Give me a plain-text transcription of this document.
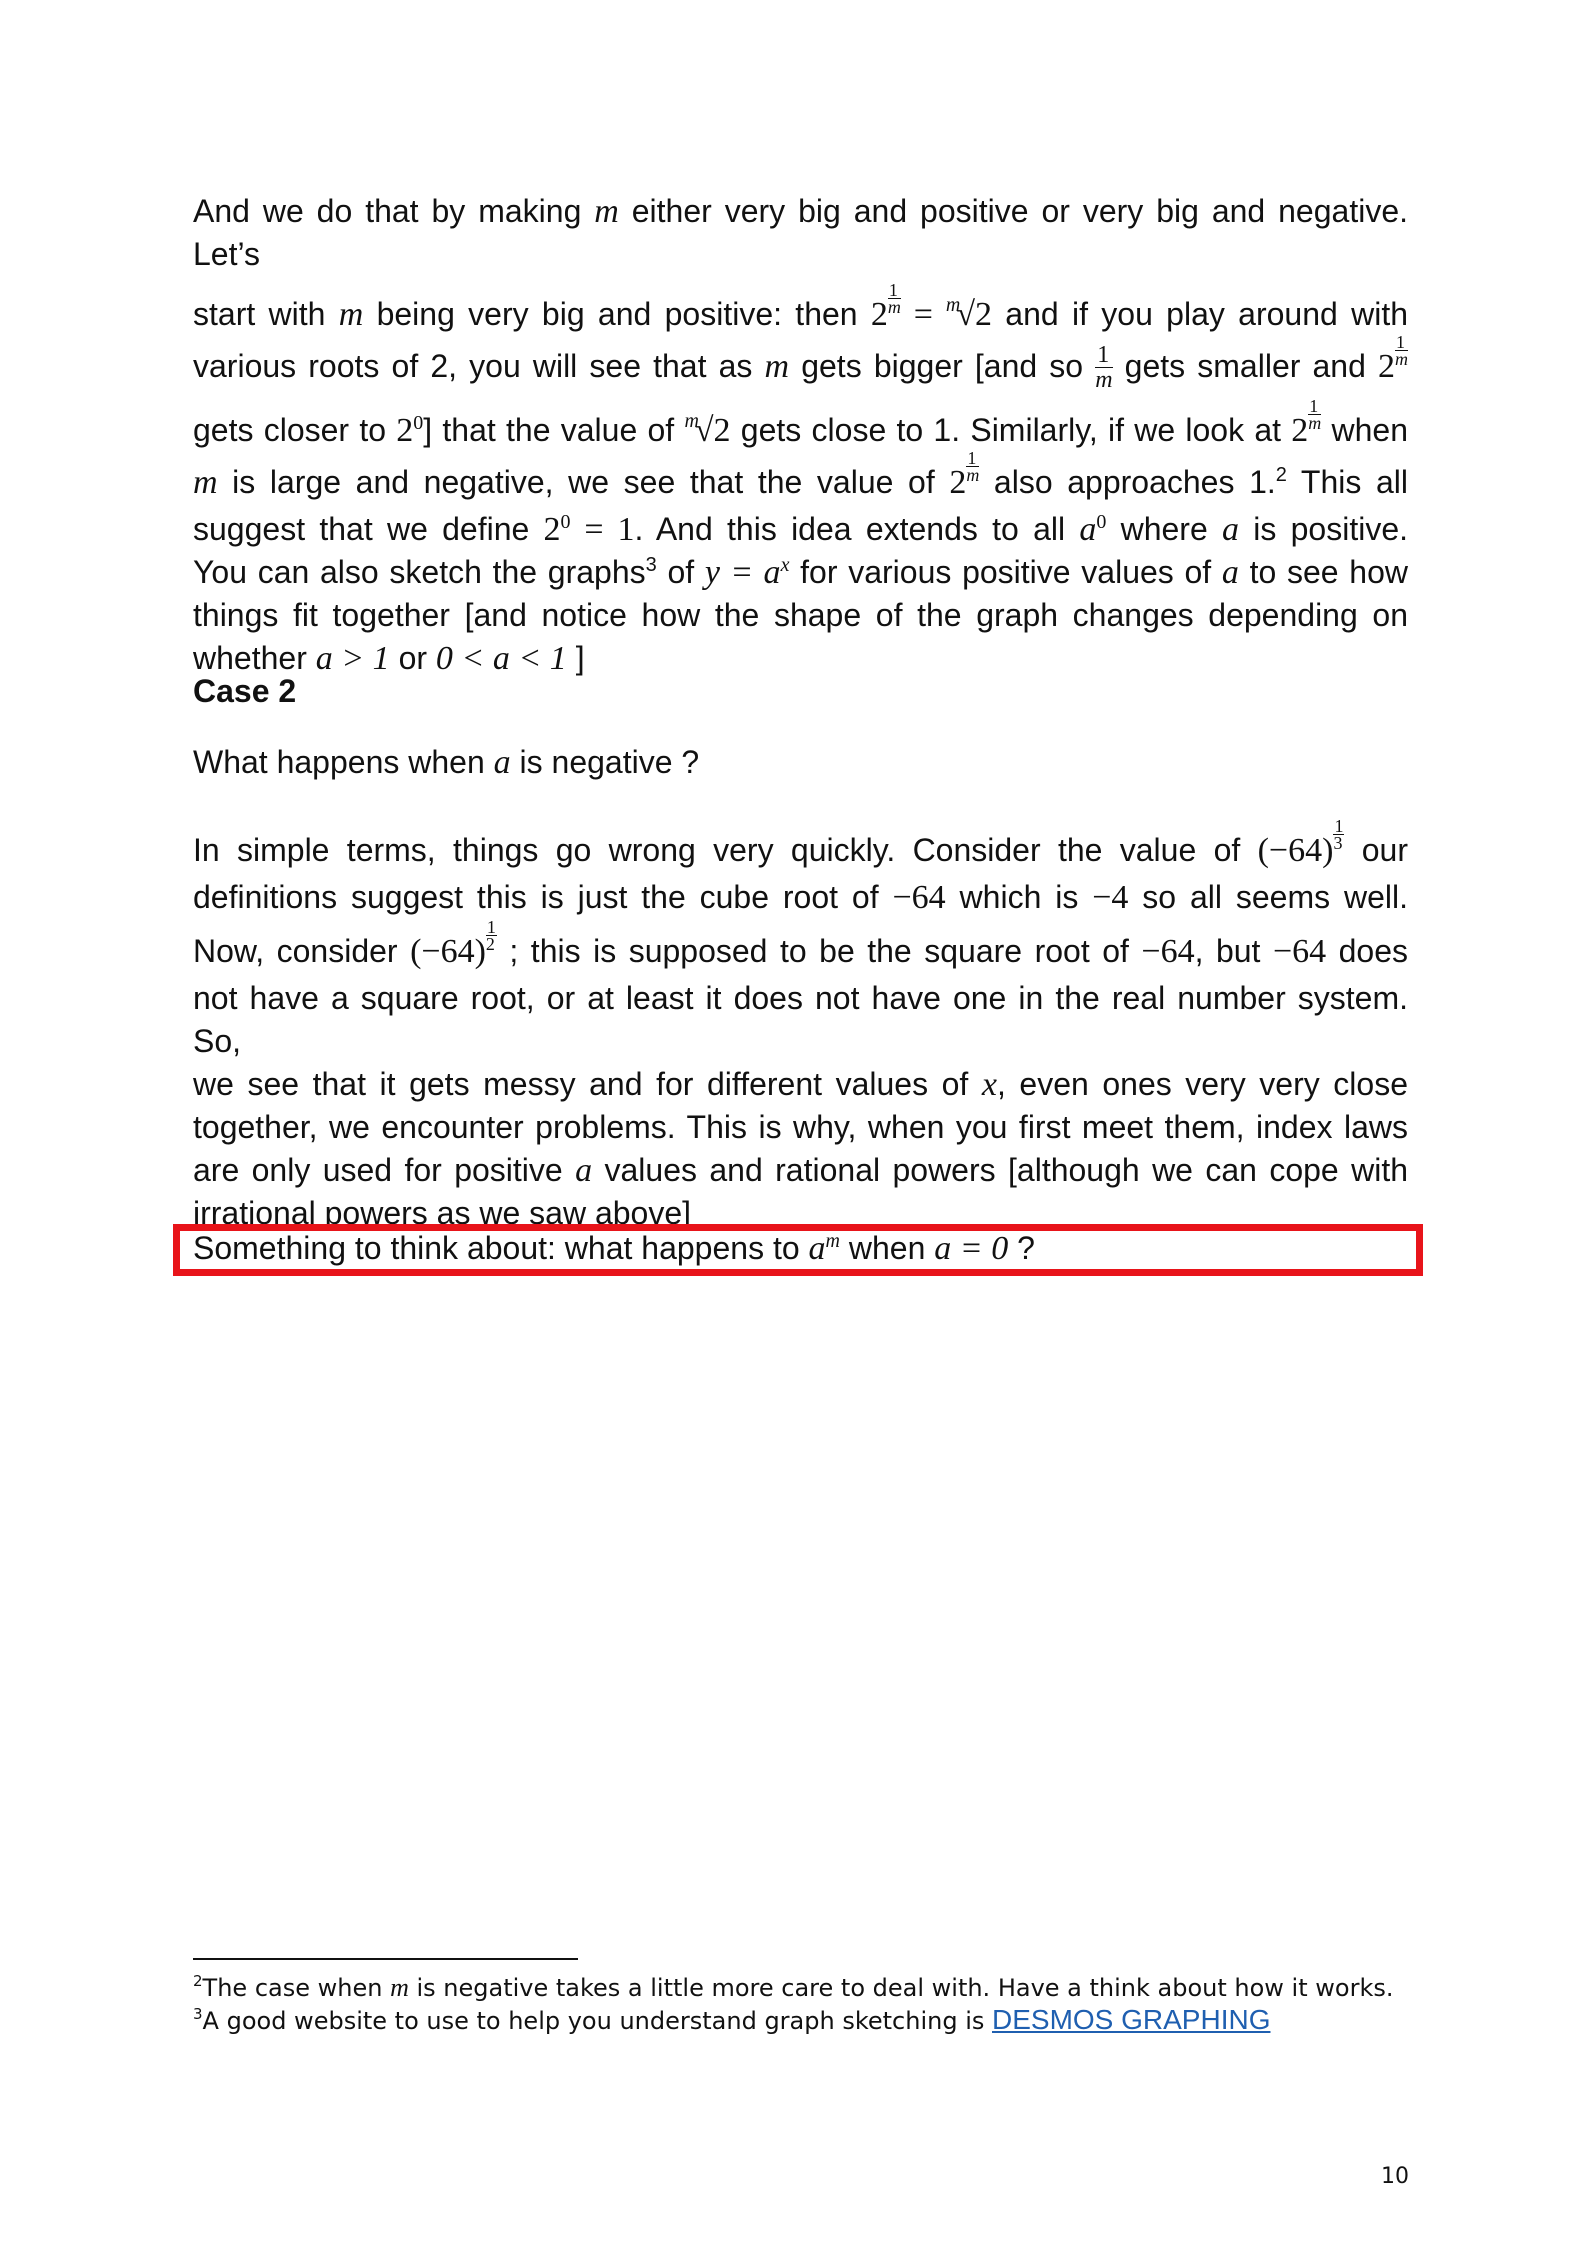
And we do that by making m either very big and positive or very big and negative. Let’s
start with m being very big and positive: then $2 \frac{1}{m} = ^m√2$ and if you play around with
various roots of 2, you will see that as m gets bigger [and so $\frac{1}{m}$ gets smaller and $2 \frac{1}{m}$
gets closer to $2^0$] that the value of $^m$√2 gets close to 1. Similarly, if we look at $2 \frac{1}{m}$ when
m is large and negative, we see that the value of $2 \frac{1}{m}$ also approaches 1.$^2$ This all
suggest that we define $2^0 = 1$. And this idea extends to all $a^0$ where a is positive.
You can also sketch the graphs$^3$ of $y = a^x$ for various positive values of a to see how
things fit together [and notice how the shape of the graph changes depending on
whether a > 1 or 0 < a < 1 ]
Case 2
What happens when a is negative ?
In simple terms, things go wrong very quickly. Consider the value of $(-64) \frac{1}{3}$ our
definitions suggest this is just the cube root of −64 which is −4 so all seems well.
Now, consider $(-64) \frac{1}{2}$ ; this is supposed to be the square root of −64, but −64 does
not have a square root, or at least it does not have one in the real number system. So,
we see that it gets messy and for different values of x, even ones very very close
together, we encounter problems. This is why, when you first meet them, index laws
are only used for positive a values and rational powers [although we can cope with
irrational powers as we saw above]
Something to think about: what happens to $a^m$ when a = 0 ?
$^2$The case when m is negative takes a little more care to deal with. Have a think about how it works.
$^3$A good website to use to help you understand graph sketching is DESMOS GRAPHING
10
